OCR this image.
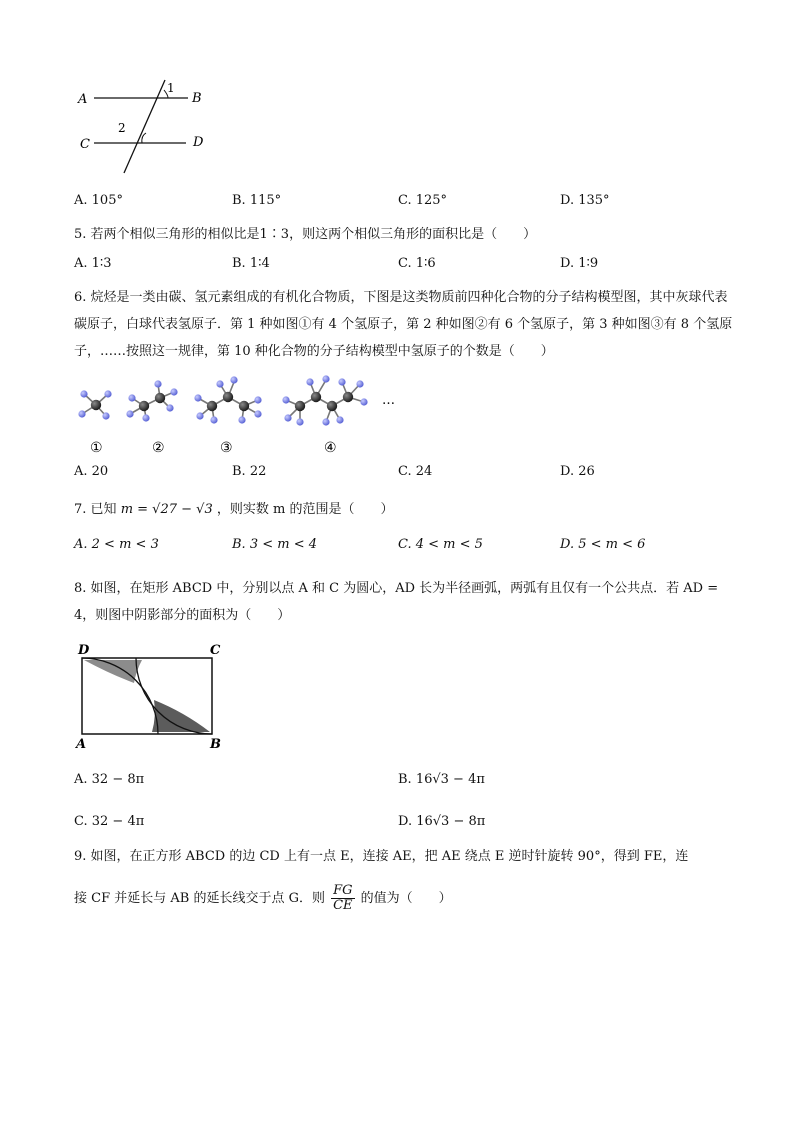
A	B
C	D
1
2
A. 105°	B. 115°	C. 125°	D. 135°
5. 若两个相似三角形的相似比是1∶3，则这两个相似三角形的面积比是（　　）
A. 1∶3	B. 1∶4	C. 1∶6	D. 1∶9
6. 烷烃是一类由碳、氢元素组成的有机化合物质，下图是这类物质前四种化合物的分子结构模型图，其中灰球代表碳原子，白球代表氢原子．第 1 种如图①有 4 个氢原子，第 2 种如图②有 6 个氢原子，第 3 种如图③有 8 个氢原子，……按照这一规律，第 10 种化合物的分子结构模型中氢原子的个数是（　　）
…
①	②	③	④
A. 20	B. 22	C. 24	D. 26
7. 已知 m = √27 − √3 ，则实数 m 的范围是（　　）
A. 2 < m < 3	B. 3 < m < 4	C. 4 < m < 5	D. 5 < m < 6
8. 如图，在矩形 ABCD 中，分别以点 A 和 C 为圆心，AD 长为半径画弧，两弧有且仅有一个公共点．若 AD = 4，则图中阴影部分的面积为（　　）
D	C
A	B
A. 32 − 8π	B. 16√3 − 4π
C. 32 − 4π	D. 16√3 − 8π
9. 如图，在正方形 ABCD 的边 CD 上有一点 E，连接 AE，把 AE 绕点 E 逆时针旋转 90°，得到 FE，连
接 CF 并延长与 AB 的延长线交于点 G．则 $\frac{FG}{CE}$ 的值为（　　）
